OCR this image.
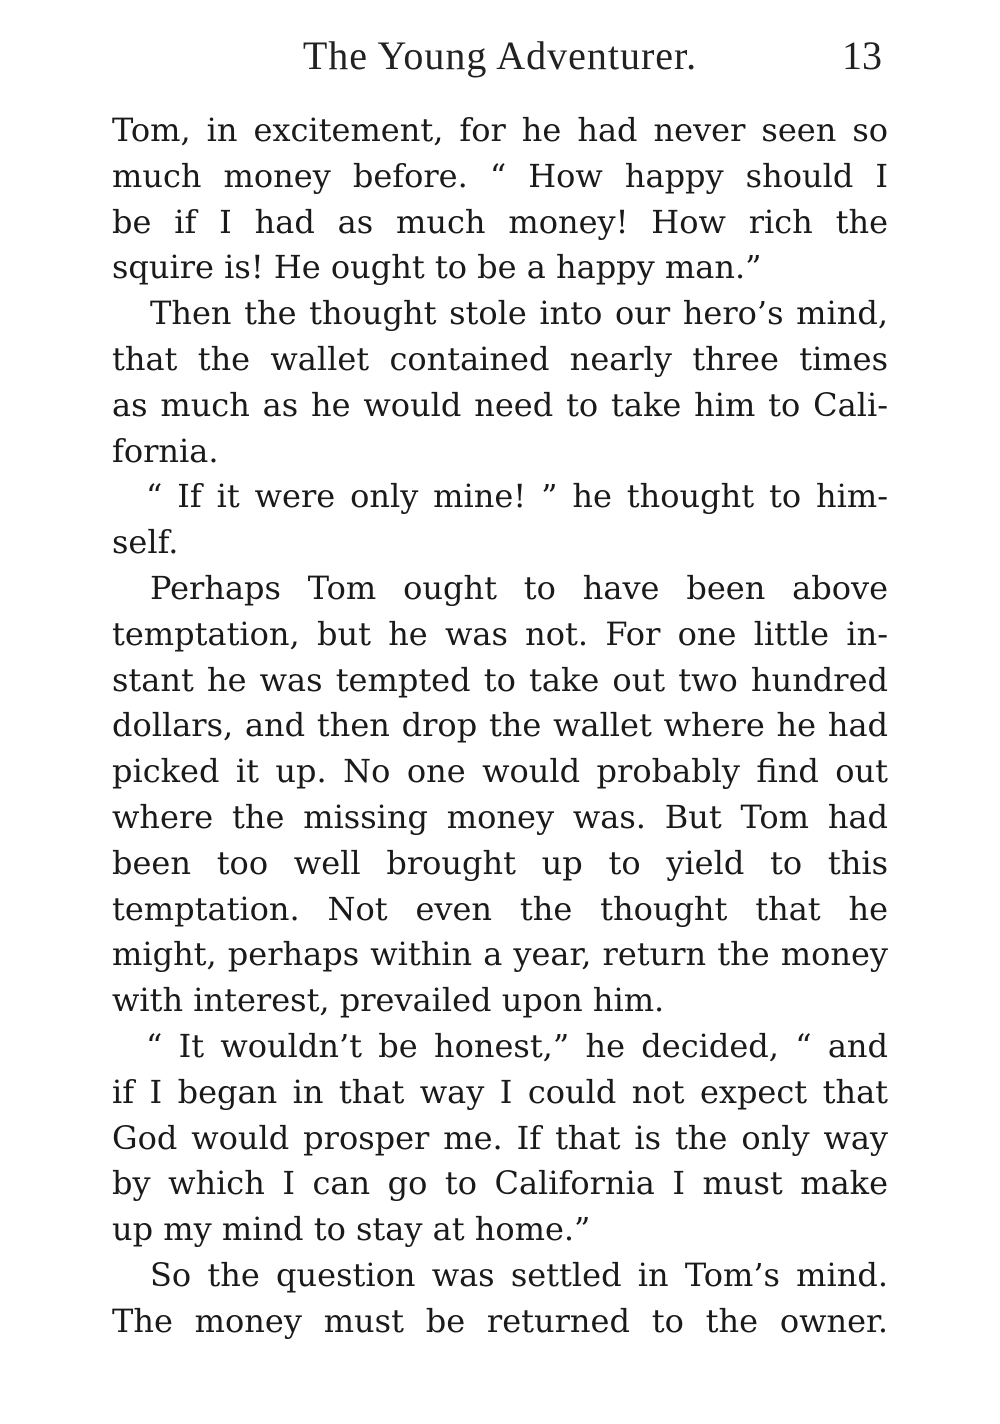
The Young Adventurer.	13
Tom, in excitement, for he had never seen so
much money before. “ How happy should I
be if I had as much money! How rich the
squire is! He ought to be a happy man.”
Then the thought stole into our hero’s mind,
that the wallet contained nearly three times
as much as he would need to take him to Cali-
fornia.
“ If it were only mine! ” he thought to him-
self.
Perhaps Tom ought to have been above
temptation, but he was not. For one little in-
stant he was tempted to take out two hundred
dollars, and then drop the wallet where he had
picked it up. No one would probably find out
where the missing money was. But Tom had
been too well brought up to yield to this
temptation. Not even the thought that he
might, perhaps within a year, return the money
with interest, prevailed upon him.
“ It wouldn’t be honest,” he decided, “ and
if I began in that way I could not expect that
God would prosper me. If that is the only way
by which I can go to California I must make
up my mind to stay at home.”
So the question was settled in Tom’s mind.
The money must be returned to the owner.
